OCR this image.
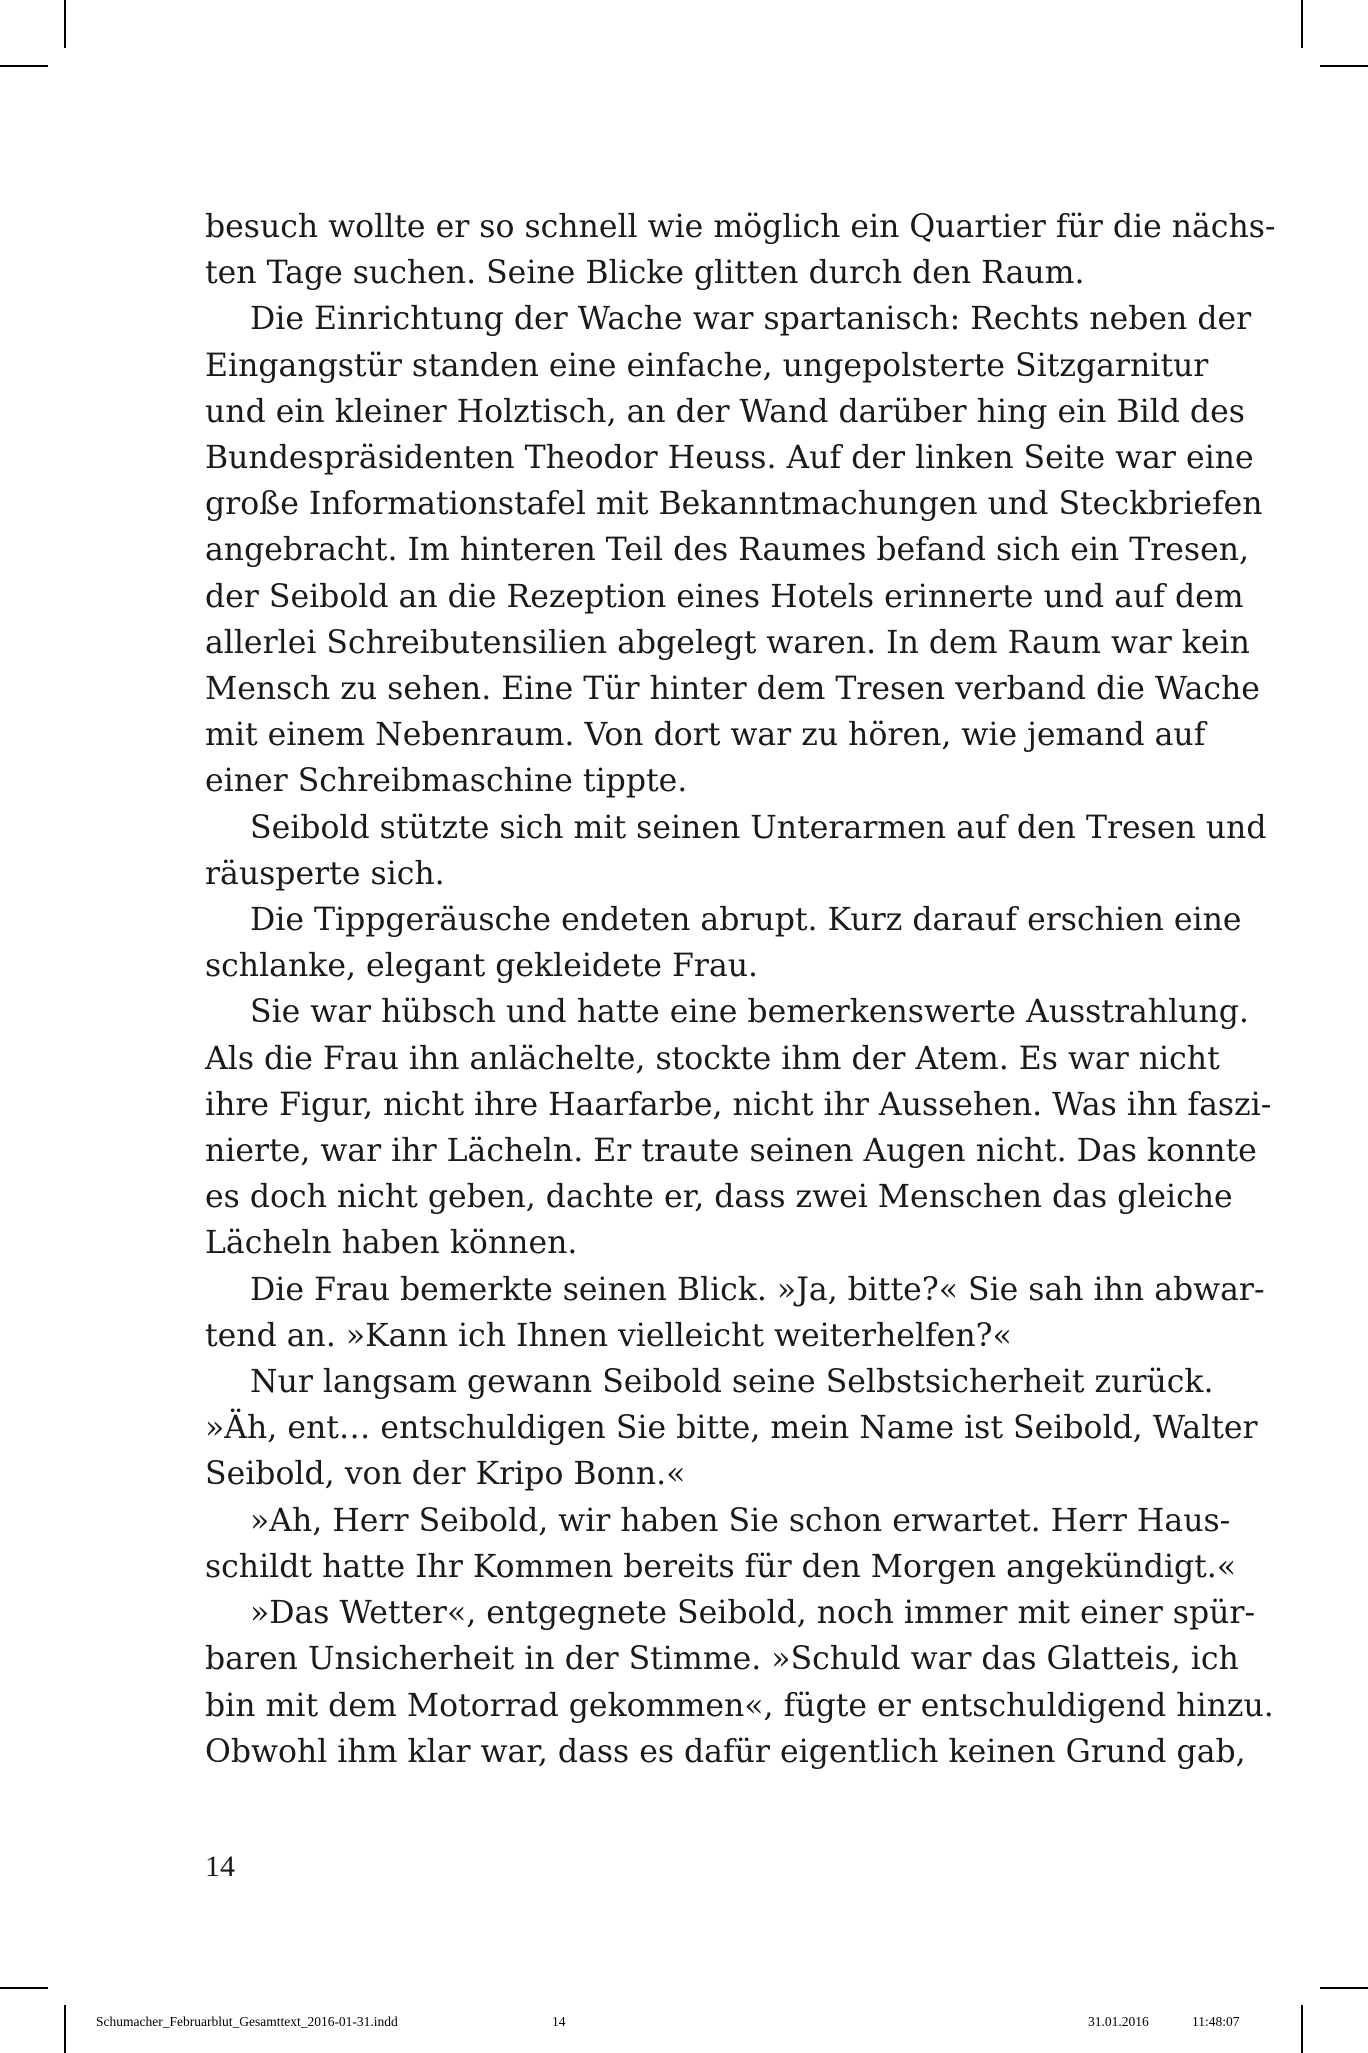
besuch wollte er so schnell wie möglich ein Quartier für die nächs-
ten Tage suchen. Seine Blicke glitten durch den Raum.
Die Einrichtung der Wache war spartanisch: Rechts neben der
Eingangstür standen eine einfache, ungepolsterte Sitzgarnitur
und ein kleiner Holztisch, an der Wand darüber hing ein Bild des
Bundespräsidenten Theodor Heuss. Auf der linken Seite war eine
große Informationstafel mit Bekanntmachungen und Steckbriefen
angebracht. Im hinteren Teil des Raumes befand sich ein Tresen,
der Seibold an die Rezeption eines Hotels erinnerte und auf dem
allerlei Schreibutensilien abgelegt waren. In dem Raum war kein
Mensch zu sehen. Eine Tür hinter dem Tresen verband die Wache
mit einem Nebenraum. Von dort war zu hören, wie jemand auf
einer Schreibmaschine tippte.
Seibold stützte sich mit seinen Unterarmen auf den Tresen und
räusperte sich.
Die Tippgeräusche endeten abrupt. Kurz darauf erschien eine
schlanke, elegant gekleidete Frau.
Sie war hübsch und hatte eine bemerkenswerte Ausstrahlung.
Als die Frau ihn anlächelte, stockte ihm der Atem. Es war nicht
ihre Figur, nicht ihre Haarfarbe, nicht ihr Aussehen. Was ihn faszi-
nierte, war ihr Lächeln. Er traute seinen Augen nicht. Das konnte
es doch nicht geben, dachte er, dass zwei Menschen das gleiche
Lächeln haben können.
Die Frau bemerkte seinen Blick. »Ja, bitte?« Sie sah ihn abwar-
tend an. »Kann ich Ihnen vielleicht weiterhelfen?«
Nur langsam gewann Seibold seine Selbstsicherheit zurück.
»Äh, ent… entschuldigen Sie bitte, mein Name ist Seibold, Walter
Seibold, von der Kripo Bonn.«
»Ah, Herr Seibold, wir haben Sie schon erwartet. Herr Haus-
schildt hatte Ihr Kommen bereits für den Morgen angekündigt.«
»Das Wetter«, entgegnete Seibold, noch immer mit einer spür-
baren Unsicherheit in der Stimme. »Schuld war das Glatteis, ich
bin mit dem Motorrad gekommen«, fügte er entschuldigend hinzu.
Obwohl ihm klar war, dass es dafür eigentlich keinen Grund gab,
14
Schumacher_Februarblut_Gesamttext_2016-01-31.indd	14	31.01.2016	11:48:07
